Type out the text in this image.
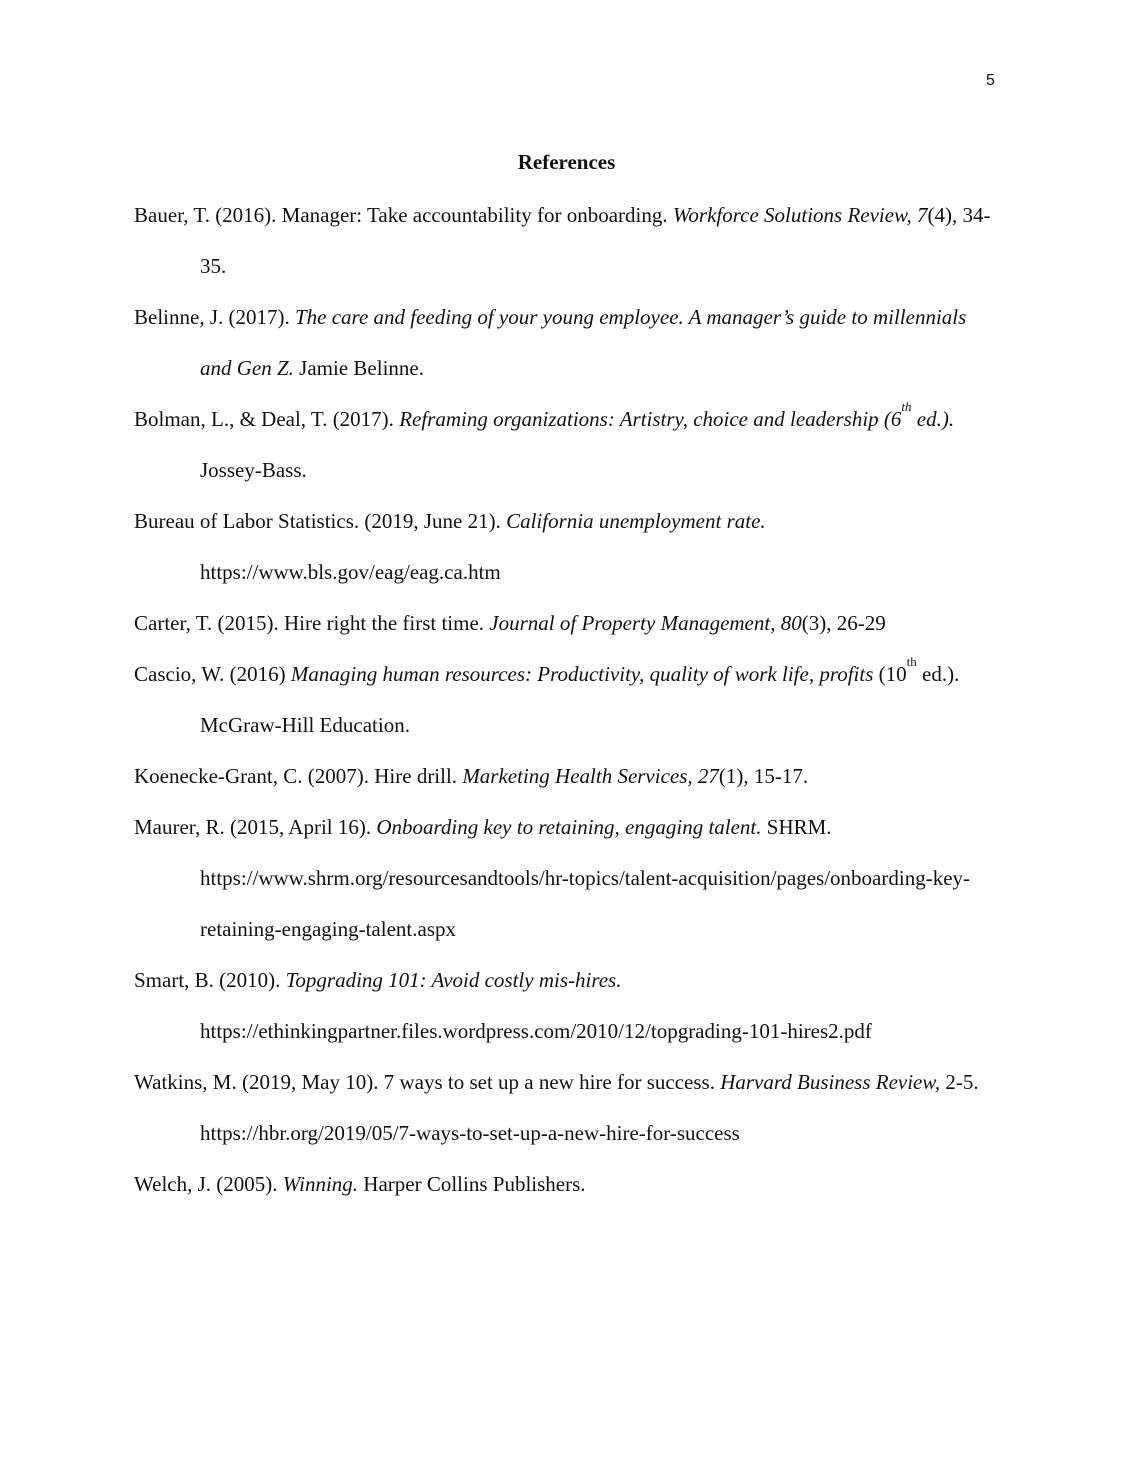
5
References

Bauer, T. (2016). Manager: Take accountability for onboarding. Workforce Solutions Review, 7(4), 34-35.

Belinne, J. (2017). The care and feeding of your young employee. A manager’s guide to millennials and Gen Z. Jamie Belinne.

Bolman, L., & Deal, T. (2017). Reframing organizations: Artistry, choice and leadership (6th ed.). Jossey-Bass.

Bureau of Labor Statistics. (2019, June 21). California unemployment rate. https://www.bls.gov/eag/eag.ca.htm

Carter, T. (2015). Hire right the first time. Journal of Property Management, 80(3), 26-29

Cascio, W. (2016) Managing human resources: Productivity, quality of work life, profits (10th ed.). McGraw-Hill Education.

Koenecke-Grant, C. (2007). Hire drill. Marketing Health Services, 27(1), 15-17.

Maurer, R. (2015, April 16). Onboarding key to retaining, engaging talent. SHRM. https://www.shrm.org/resourcesandtools/hr-topics/talent-acquisition/pages/onboarding-key-retaining-engaging-talent.aspx

Smart, B. (2010). Topgrading 101: Avoid costly mis-hires. https://ethinkingpartner.files.wordpress.com/2010/12/topgrading-101-hires2.pdf

Watkins, M. (2019, May 10). 7 ways to set up a new hire for success. Harvard Business Review, 2-5. https://hbr.org/2019/05/7-ways-to-set-up-a-new-hire-for-success

Welch, J. (2005). Winning. Harper Collins Publishers.
